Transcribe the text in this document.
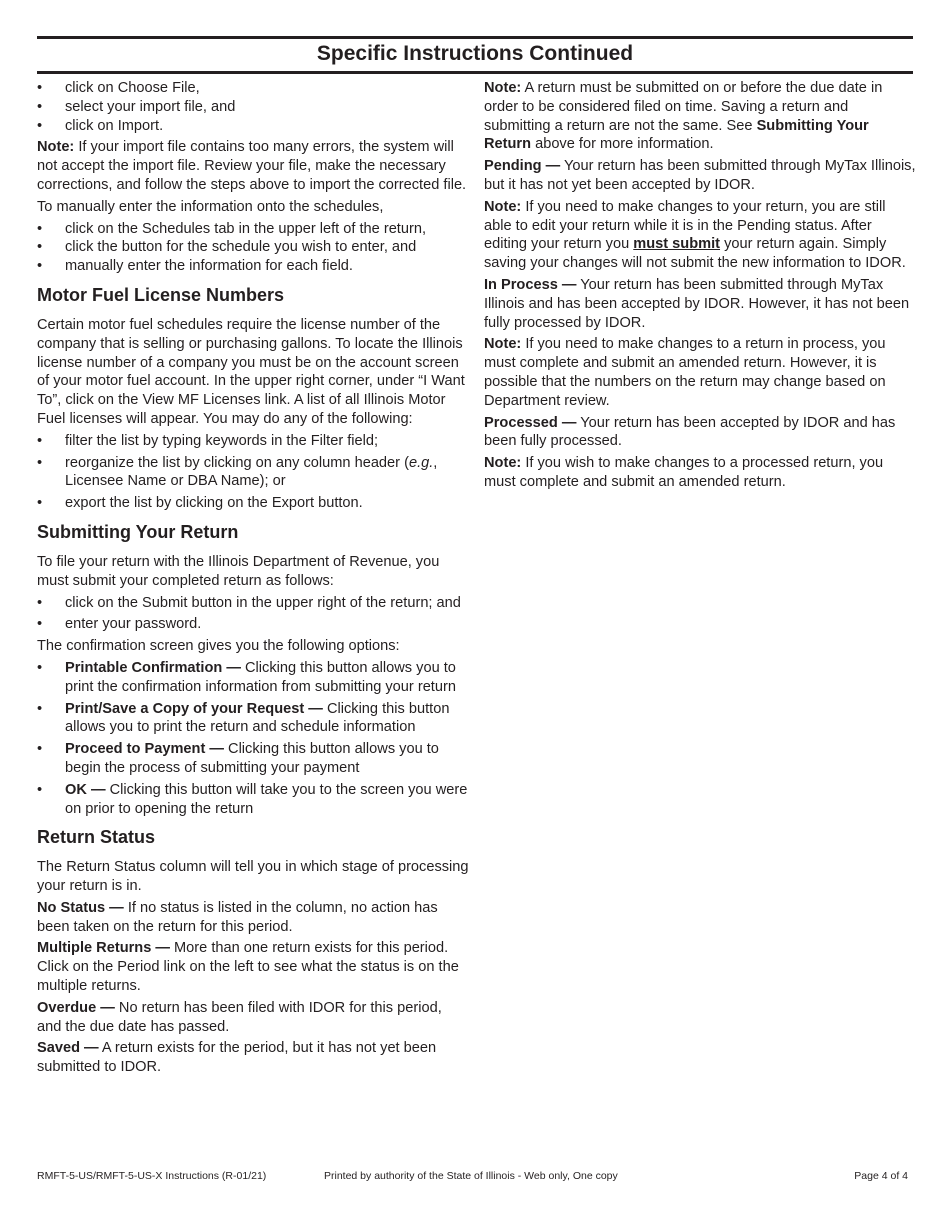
Specific Instructions Continued
• click on Choose File,
• select your import file, and
• click on Import.

Note: If your import file contains too many errors, the system will not accept the import file. Review your file, make the necessary corrections, and follow the steps above to import the corrected file.

To manually enter the information onto the schedules,

• click on the Schedules tab in the upper left of the return,
• click the button for the schedule you wish to enter, and
• manually enter the information for each field.
Motor Fuel License Numbers

Certain motor fuel schedules require the license number of the company that is selling or purchasing gallons. To locate the Illinois license number of a company you must be on the account screen of your motor fuel account. In the upper right corner, under “I Want To”, click on the View MF Licenses link. A list of all Illinois Motor Fuel licenses will appear. You may do any of the following:

• filter the list by typing keywords in the Filter field;
• reorganize the list by clicking on any column header (e.g., Licensee Name or DBA Name); or
• export the list by clicking on the Export button.
Submitting Your Return

To file your return with the Illinois Department of Revenue, you must submit your completed return as follows:

• click on the Submit button in the upper right of the return; and
• enter your password.

The confirmation screen gives you the following options:

• Printable Confirmation — Clicking this button allows you to print the confirmation information from submitting your return
• Print/Save a Copy of your Request — Clicking this button allows you to print the return and schedule information
• Proceed to Payment — Clicking this button allows you to begin the process of submitting your payment
• OK — Clicking this button will take you to the screen you were on prior to opening the return
Return Status

The Return Status column will tell you in which stage of processing your return is in.

No Status — If no status is listed in the column, no action has been taken on the return for this period.

Multiple Returns — More than one return exists for this period. Click on the Period link on the left to see what the status is on the multiple returns.

Overdue — No return has been filed with IDOR for this period, and the due date has passed.

Saved — A return exists for the period, but it has not yet been submitted to IDOR.

Note: A return must be submitted on or before the due date in order to be considered filed on time. Saving a return and submitting a return are not the same. See Submitting Your Return above for more information.

Pending — Your return has been submitted through MyTax Illinois, but it has not yet been accepted by IDOR.

Note: If you need to make changes to your return, you are still able to edit your return while it is in the Pending status. After editing your return you must submit your return again. Simply saving your changes will not submit the new information to IDOR.

In Process — Your return has been submitted through MyTax Illinois and has been accepted by IDOR. However, it has not been fully processed by IDOR.

Note: If you need to make changes to a return in process, you must complete and submit an amended return. However, it is possible that the numbers on the return may change based on Department review.

Processed — Your return has been accepted by IDOR and has been fully processed.

Note: If you wish to make changes to a processed return, you must complete and submit an amended return.

RMFT-5-US/RMFT-5-US-X Instructions (R-01/21)	Printed by authority of the State of Illinois - Web only, One copy	Page 4 of 4
